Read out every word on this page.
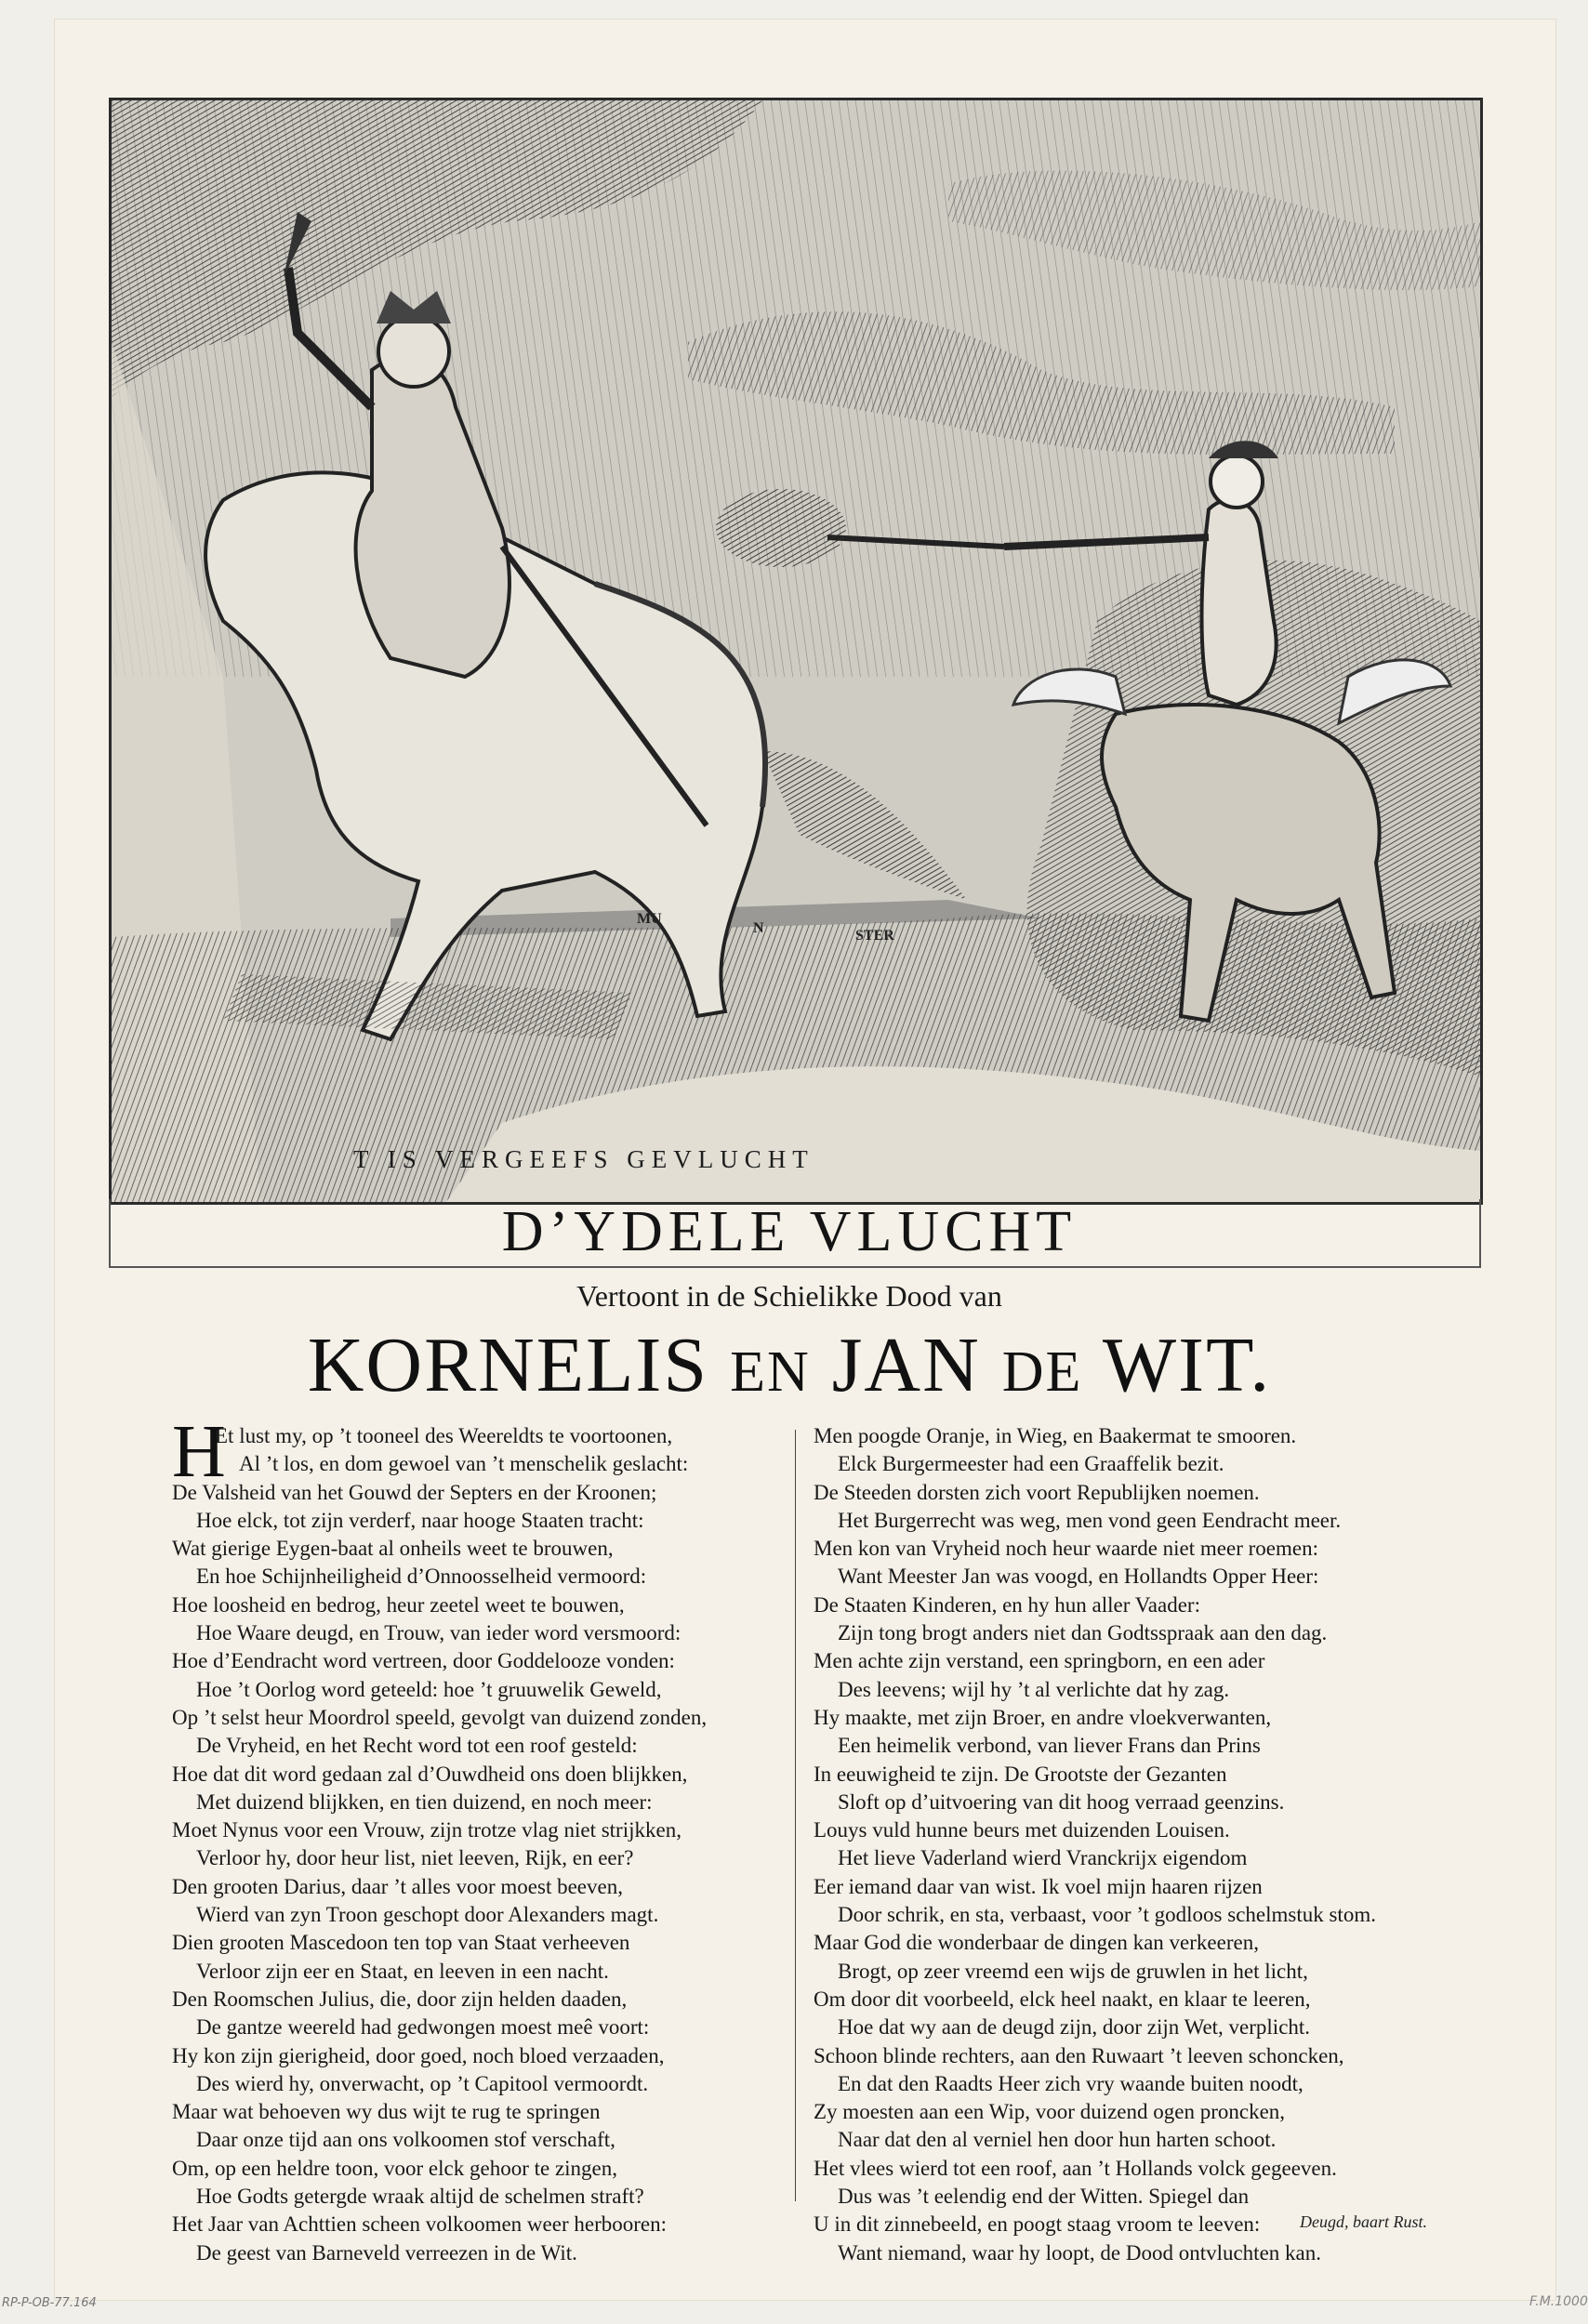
MU
N	STER
T IS VERGEEFS GEVLUCHT
D’YDELE VLUCHT
Vertoont in de Schielikke Dood van
KORNELIS EN JAN DE WIT.
H
Et lust my, op ’t tooneel des Weereldts te voortoonen,
Al ’t los, en dom gewoel van ’t menschelik geslacht:
De Valsheid van het Gouwd der Septers en der Kroonen;
Hoe elck, tot zijn verderf, naar hooge Staaten tracht:
Wat gierige Eygen-baat al onheils weet te brouwen,
En hoe Schijnheiligheid d’Onnoosselheid vermoord:
Hoe loosheid en bedrog, heur zeetel weet te bouwen,
Hoe Waare deugd, en Trouw, van ieder word versmoord:
Hoe d’Eendracht word vertreen, door Goddelooze vonden:
Hoe ’t Oorlog word geteeld: hoe ’t gruuwelik Geweld,
Op ’t selst heur Moordrol speeld, gevolgt van duizend zonden,
De Vryheid, en het Recht word tot een roof gesteld:
Hoe dat dit word gedaan zal d’Ouwdheid ons doen blijkken,
Met duizend blijkken, en tien duizend, en noch meer:
Moet Nynus voor een Vrouw, zijn trotze vlag niet strijkken,
Verloor hy, door heur list, niet leeven, Rijk, en eer?
Den grooten Darius, daar ’t alles voor moest beeven,
Wierd van zyn Troon geschopt door Alexanders magt.
Dien grooten Mascedoon ten top van Staat verheeven
Verloor zijn eer en Staat, en leeven in een nacht.
Den Roomschen Julius, die, door zijn helden daaden,
De gantze weereld had gedwongen moest meê voort:
Hy kon zijn gierigheid, door goed, noch bloed verzaaden,
Des wierd hy, onverwacht, op ’t Capitool vermoordt.
Maar wat behoeven wy dus wijt te rug te springen
Daar onze tijd aan ons volkoomen stof verschaft,
Om, op een heldre toon, voor elck gehoor te zingen,
Hoe Godts getergde wraak altijd de schelmen straft?
Het Jaar van Achttien scheen volkoomen weer herbooren:
De geest van Barneveld verreezen in de Wit.
Men poogde Oranje, in Wieg, en Baakermat te smooren.
Elck Burgermeester had een Graaffelik bezit.
De Steeden dorsten zich voort Republijken noemen.
Het Burgerrecht was weg, men vond geen Eendracht meer.
Men kon van Vryheid noch heur waarde niet meer roemen:
Want Meester Jan was voogd, en Hollandts Opper Heer:
De Staaten Kinderen, en hy hun aller Vaader:
Zijn tong brogt anders niet dan Godtsspraak aan den dag.
Men achte zijn verstand, een springborn, en een ader
Des leevens; wijl hy ’t al verlichte dat hy zag.
Hy maakte, met zijn Broer, en andre vloekverwanten,
Een heimelik verbond, van liever Frans dan Prins
In eeuwigheid te zijn. De Grootste der Gezanten
Sloft op d’uitvoering van dit hoog verraad geenzins.
Louys vuld hunne beurs met duizenden Louisen.
Het lieve Vaderland wierd Vranckrijx eigendom
Eer iemand daar van wist. Ik voel mijn haaren rijzen
Door schrik, en sta, verbaast, voor ’t godloos schelmstuk stom.
Maar God die wonderbaar de dingen kan verkeeren,
Brogt, op zeer vreemd een wijs de gruwlen in het licht,
Om door dit voorbeeld, elck heel naakt, en klaar te leeren,
Hoe dat wy aan de deugd zijn, door zijn Wet, verplicht.
Schoon blinde rechters, aan den Ruwaart ’t leeven schoncken,
En dat den Raadts Heer zich vry waande buiten noodt,
Zy moesten aan een Wip, voor duizend ogen proncken,
Naar dat den al verniel hen door hun harten schoot.
Het vlees wierd tot een roof, aan ’t Hollands volck gegeeven.
Dus was ’t eelendig end der Witten. Spiegel dan
U in dit zinnebeeld, en poogt staag vroom te leeven:
Want niemand, waar hy loopt, de Dood ontvluchten kan.
Deugd, baart Rust.
RP-P-OB-77.164	F.M.1000
